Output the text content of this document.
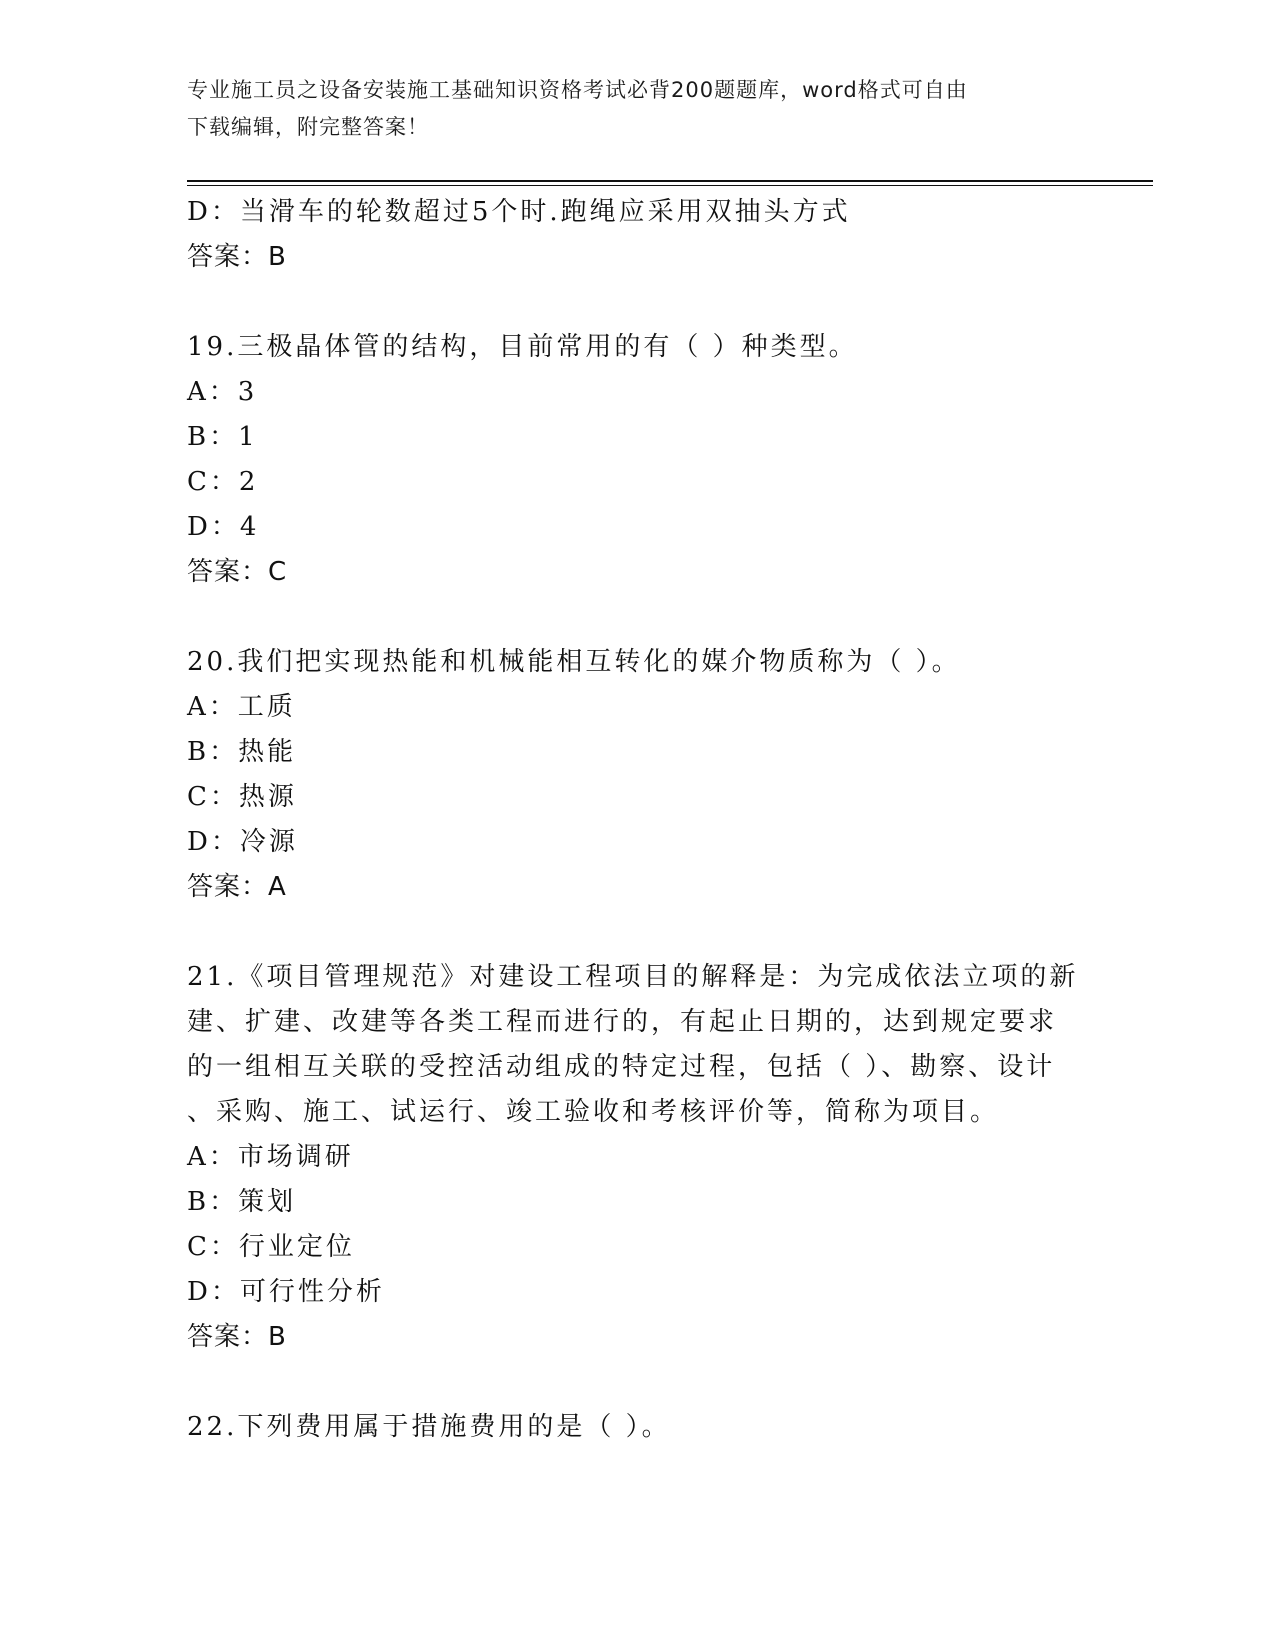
专业施工员之设备安装施工基础知识资格考试必背200题题库，word格式可自由
下载编辑，附完整答案！
D：当滑车的轮数超过5个时.跑绳应采用双抽头方式
答案：B
19.三极晶体管的结构，目前常用的有（ ）种类型。
A：3
B：1
C：2
D：4
答案：C
20.我们把实现热能和机械能相互转化的媒介物质称为（ ）。
A：工质
B：热能
C：热源
D：冷源
答案：A
21.《项目管理规范》对建设工程项目的解释是：为完成依法立项的新
建、扩建、改建等各类工程而进行的，有起止日期的，达到规定要求
的一组相互关联的受控活动组成的特定过程，包括（ ）、勘察、设计
、采购、施工、试运行、竣工验收和考核评价等，简称为项目。
A：市场调研
B：策划
C：行业定位
D：可行性分析
答案：B
22.下列费用属于措施费用的是（ ）。
